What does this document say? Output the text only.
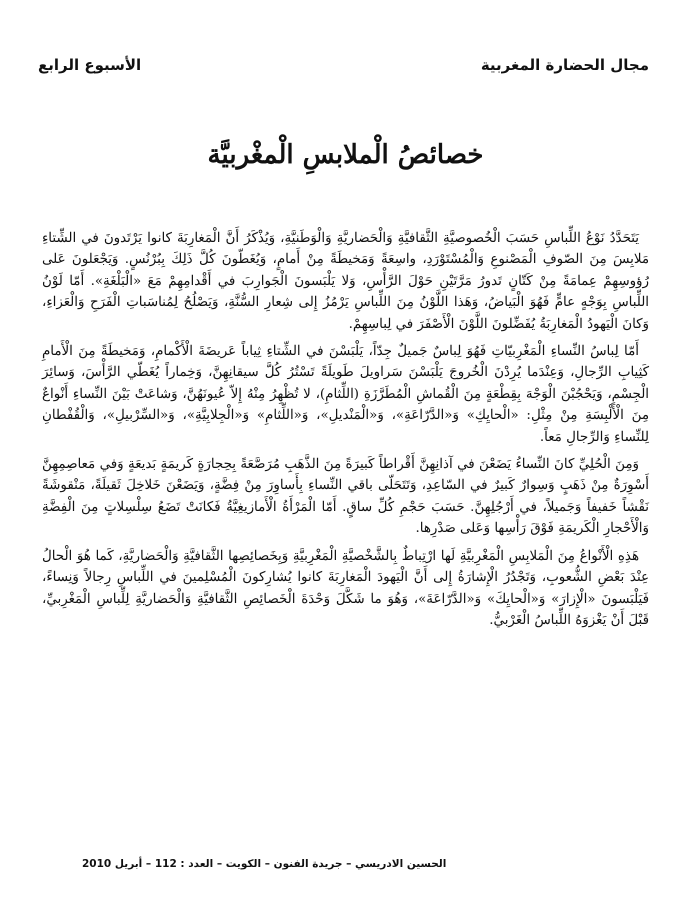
الأسبوع الرابع	مجال الحضارة المغربية
خصائصُ الْملابسِ الْمغْربيَّة

يَتَحَدَّدُ نَوْعُ اللِّباسِ حَسَبَ الْخُصوصيَّةِ الثَّقافيَّةِ وَالْحَضاريَّةِ وَالْوَطَنيَّةِ، وَيُذْكَرُ أَنَّ الْمَغارِبَةَ كانوا يَرْتَدونَ في الشِّتاءِ مَلابِسَ مِنَ الصّوفِ الْمَصْنوعِ وَالْمُسْتَوْرَدِ، واسِعَةً وَمَخيطَةً مِنْ أَمامٍ، وَيُغَطّونَ كُلَّ ذَلِكَ بِبُرْنُسٍ. وَيَجْعَلونَ عَلى رُؤوسِهِمْ عِمامَةً مِنْ كَتّانٍ تَدورُ مَرَّتَيْنِ حَوْلَ الرَّأْسِ، وَلا يَلْبَسونَ الْجَوارِبَ في أَقْدامِهِمْ مَعَ «الْبَلْغَةِ». أَمّا لَوْنُ اللِّباسِ بِوَجْهٍ عامٍّ فَهُوَ الْبَياضُ، وَهَذا اللَّوْنُ مِنَ اللِّباسِ يَرْمُزُ إِلى شِعارِ السُّنَّةِ، وَيَصْلُحُ لِمُناسَباتِ الْفَرَحِ وَالْعَزاءِ، وَكانَ الْيَهودُ الْمَغارِبَةُ يُفَضِّلونَ اللَّوْنَ الْأَصْفَرَ في لِباسِهِمْ.

أَمّا لِباسُ النِّساءِ الْمَغْرِبيّاتِ فَهُوَ لِباسٌ جَميلٌ جِدّاً، يَلْبَسْنَ في الشِّتاءِ ثِياباً عَريضَةَ الْأَكْمامِ، وَمَخيطَةً مِنَ الْأَمامِ كَثِيابِ الرِّجالِ، وَعِنْدَما يُرِدْنَ الْخُروجَ يَلْبَسْنَ سَراويلَ طَويلَةً تَسْتُرُ كُلَّ سيقانِهِنَّ، وَخِماراً يُغَطّي الرَّأْسَ، وَسائِرَ الْجِسْمِ، وَيَحْجُبْنَ الْوَجْهَ بِقِطْعَةٍ مِنَ الْقُماشِ الْمُطَرَّزَةِ (اللِّثامِ)، لا تُظْهِرُ مِنْهُ إِلاّ عُيونَهُنَّ، وَشاعَتْ بَيْنَ النِّساءِ أَنْواعٌ مِنَ الْأَلْبِسَةِ مِنْ مِثْلِ: «الْحايِكِ» وَ«الدَّرّاعَةِ»، وَ«الْمَنْديلِ»، وَ«اللِّثامِ» وَ«الْجِلابِيَّةِ»، وَ«السِّرْبيلِ»، وَالْقُفْطانِ لِلنِّساءِ وَالرِّجالِ مَعاً.

وَمِنَ الْحُلِيِّ كانَ النِّساءُ يَضَعْنَ في آذانِهِنَّ أَقْراطاً كَبيرَةً مِنَ الذَّهَبِ مُرَصَّعَةً بِحِجارَةٍ كَريمَةٍ بَديعَةٍ وَفي مَعاصِمِهِنَّ أَسْوِرَةٌ مِنْ ذَهَبٍ وَسِوارٌ كَبيرٌ في السّاعِدِ، وَتَتَحَلّى باقي النِّساءِ بِأَساوِرَ مِنْ فِضَّةٍ، وَيَضَعْنَ خَلاخِلَ ثَقيلَةً، مَنْقوشَةً نَقْشاً خَفيفاً وَجَميلاً، في أَرْجُلِهِنَّ. حَسَبَ حَجْمِ كُلِّ ساقٍ. أَمّا الْمَرْأَةُ الْأَمازيغِيَّةُ فَكانَتْ تَضَعُ سِلْسِلاتٍ مِنَ الْفِضَّةِ وَالْأَحْجارِ الْكَريمَةِ فَوْقَ رَأْسِها وَعَلى صَدْرِها.

هَذِهِ الْأَنْواعُ مِنَ الْمَلابِسِ الْمَغْرِبيَّةِ لَها ارْتِباطٌ بِالشَّخْصيَّةِ الْمَغْرِبيَّةِ وَبِخَصائِصِها الثَّقافيَّةِ وَالْحَضاريَّةِ، كَما هُوَ الْحالُ عِنْدَ بَعْضِ الشُّعوبِ، وَتَجْدُرُ الْإِشارَةُ إِلى أَنَّ الْيَهودَ الْمَغارِبَةَ كانوا يُشارِكونَ الْمُسْلِمينَ في اللِّباسِ رِجالاً وَنِساءً، فَيَلْبَسونَ «الْإِزارَ» وَ«الْحايِكَ» وَ«الدَّرّاعَةَ»، وَهُوَ ما شَكَّلَ وَحْدَةَ الْخَصائِصِ الثَّقافيَّةِ وَالْحَضاريَّةِ لِلِّباسِ الْمَغْرِبيِّ، قَبْلَ أَنْ يَغْزوَهُ اللِّباسُ الْغَرْبيُّ.

الحسين الادريسي – جريدة الفنون – الكويت – العدد : 112 – أبريل 2010
